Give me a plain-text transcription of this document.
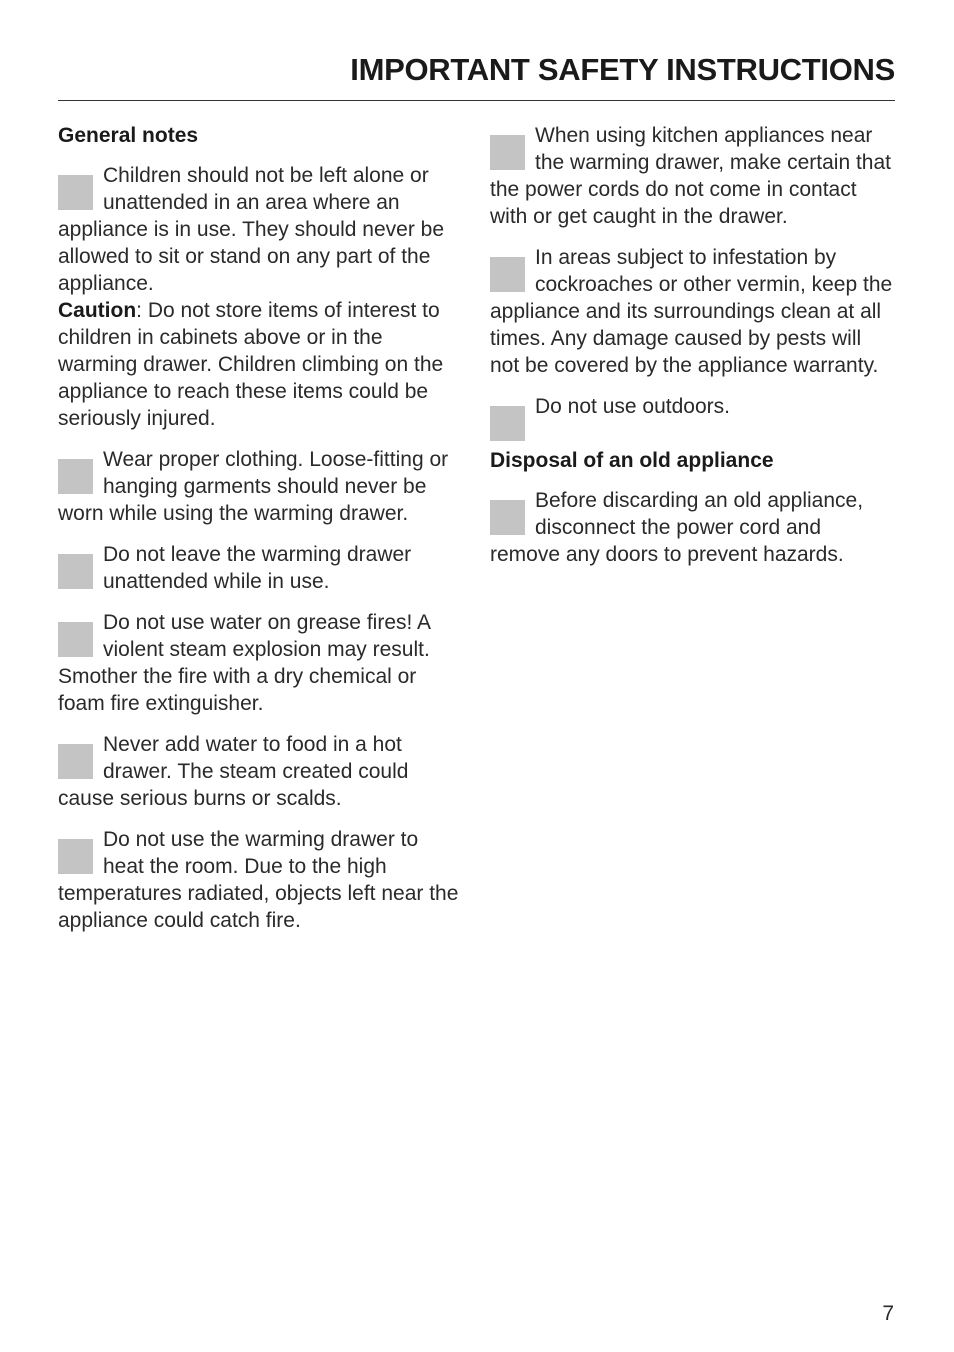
IMPORTANT SAFETY INSTRUCTIONS
General notes

Children should not be left alone or unattended in an area where an appliance is in use. They should never be allowed to sit or stand on any part of the appliance.

Caution: Do not store items of interest to children in cabinets above or in the warming drawer. Children climbing on the appliance to reach these items could be seriously injured.

Wear proper clothing. Loose-fitting or hanging garments should never be worn while using the warming drawer.

Do not leave the warming drawer unattended while in use.

Do not use water on grease fires! A violent steam explosion may result. Smother the fire with a dry chemical or foam fire extinguisher.

Never add water to food in a hot drawer. The steam created could cause serious burns or scalds.

Do not use the warming drawer to heat the room. Due to the high temperatures radiated, objects left near the appliance could catch fire.

When using kitchen appliances near the warming drawer, make certain that the power cords do not come in contact with or get caught in the drawer.

In areas subject to infestation by cockroaches or other vermin, keep the appliance and its surroundings clean at all times. Any damage caused by pests will not be covered by the appliance warranty.

Do not use outdoors.

Disposal of an old appliance

Before discarding an old appliance, disconnect the power cord and remove any doors to prevent hazards.

7
